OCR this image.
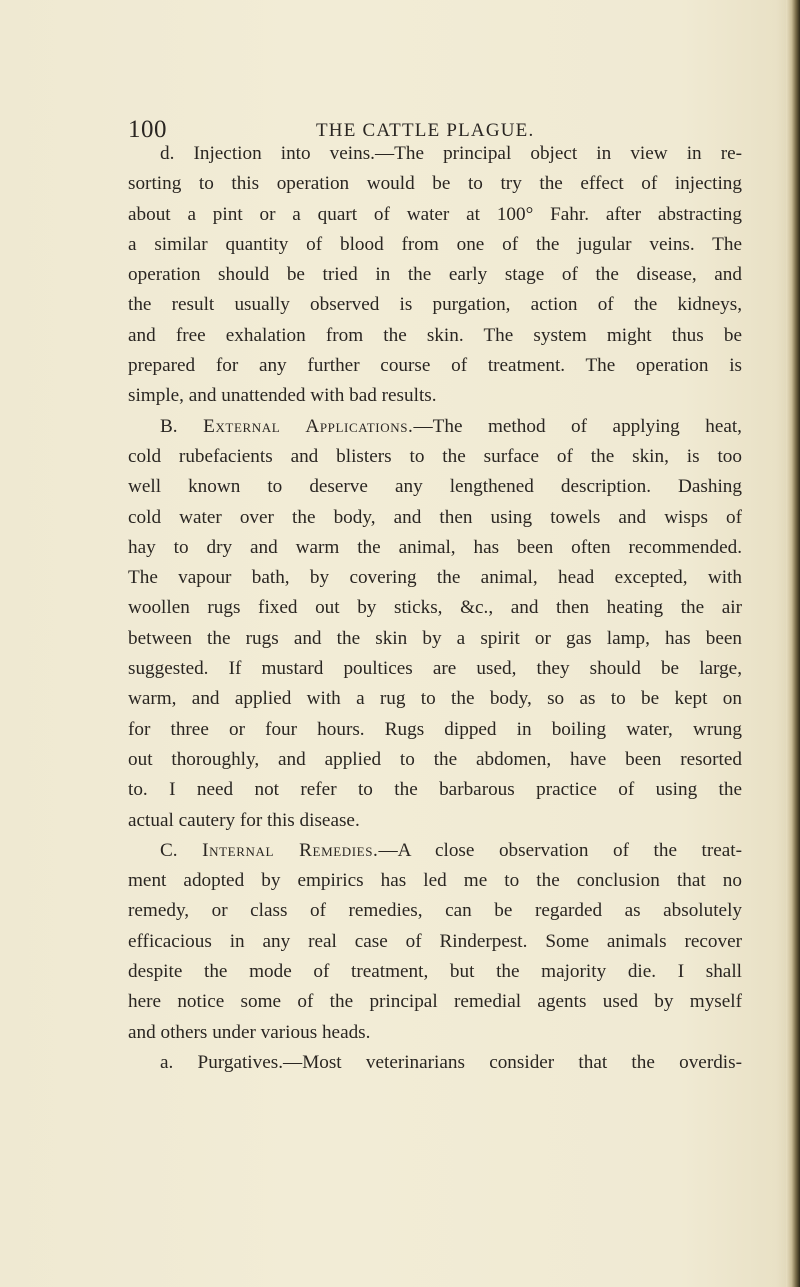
100	THE CATTLE PLAGUE.
d. Injection into veins.—The principal object in view in re-
sorting to this operation would be to try the effect of injecting
about a pint or a quart of water at 100° Fahr. after abstracting
a similar quantity of blood from one of the jugular veins. The
operation should be tried in the early stage of the disease, and
the result usually observed is purgation, action of the kidneys,
and free exhalation from the skin. The system might thus be
prepared for any further course of treatment. The operation is
simple, and unattended with bad results.
B. External Applications.—The method of applying heat,
cold rubefacients and blisters to the surface of the skin, is too
well known to deserve any lengthened description. Dashing
cold water over the body, and then using towels and wisps of
hay to dry and warm the animal, has been often recommended.
The vapour bath, by covering the animal, head excepted, with
woollen rugs fixed out by sticks, &c., and then heating the air
between the rugs and the skin by a spirit or gas lamp, has been
suggested. If mustard poultices are used, they should be large,
warm, and applied with a rug to the body, so as to be kept on
for three or four hours. Rugs dipped in boiling water, wrung
out thoroughly, and applied to the abdomen, have been resorted
to. I need not refer to the barbarous practice of using the
actual cautery for this disease.
C. Internal Remedies.—A close observation of the treat-
ment adopted by empirics has led me to the conclusion that no
remedy, or class of remedies, can be regarded as absolutely
efficacious in any real case of Rinderpest. Some animals recover
despite the mode of treatment, but the majority die. I shall
here notice some of the principal remedial agents used by myself
and others under various heads.
a. Purgatives.—Most veterinarians consider that the overdis-
